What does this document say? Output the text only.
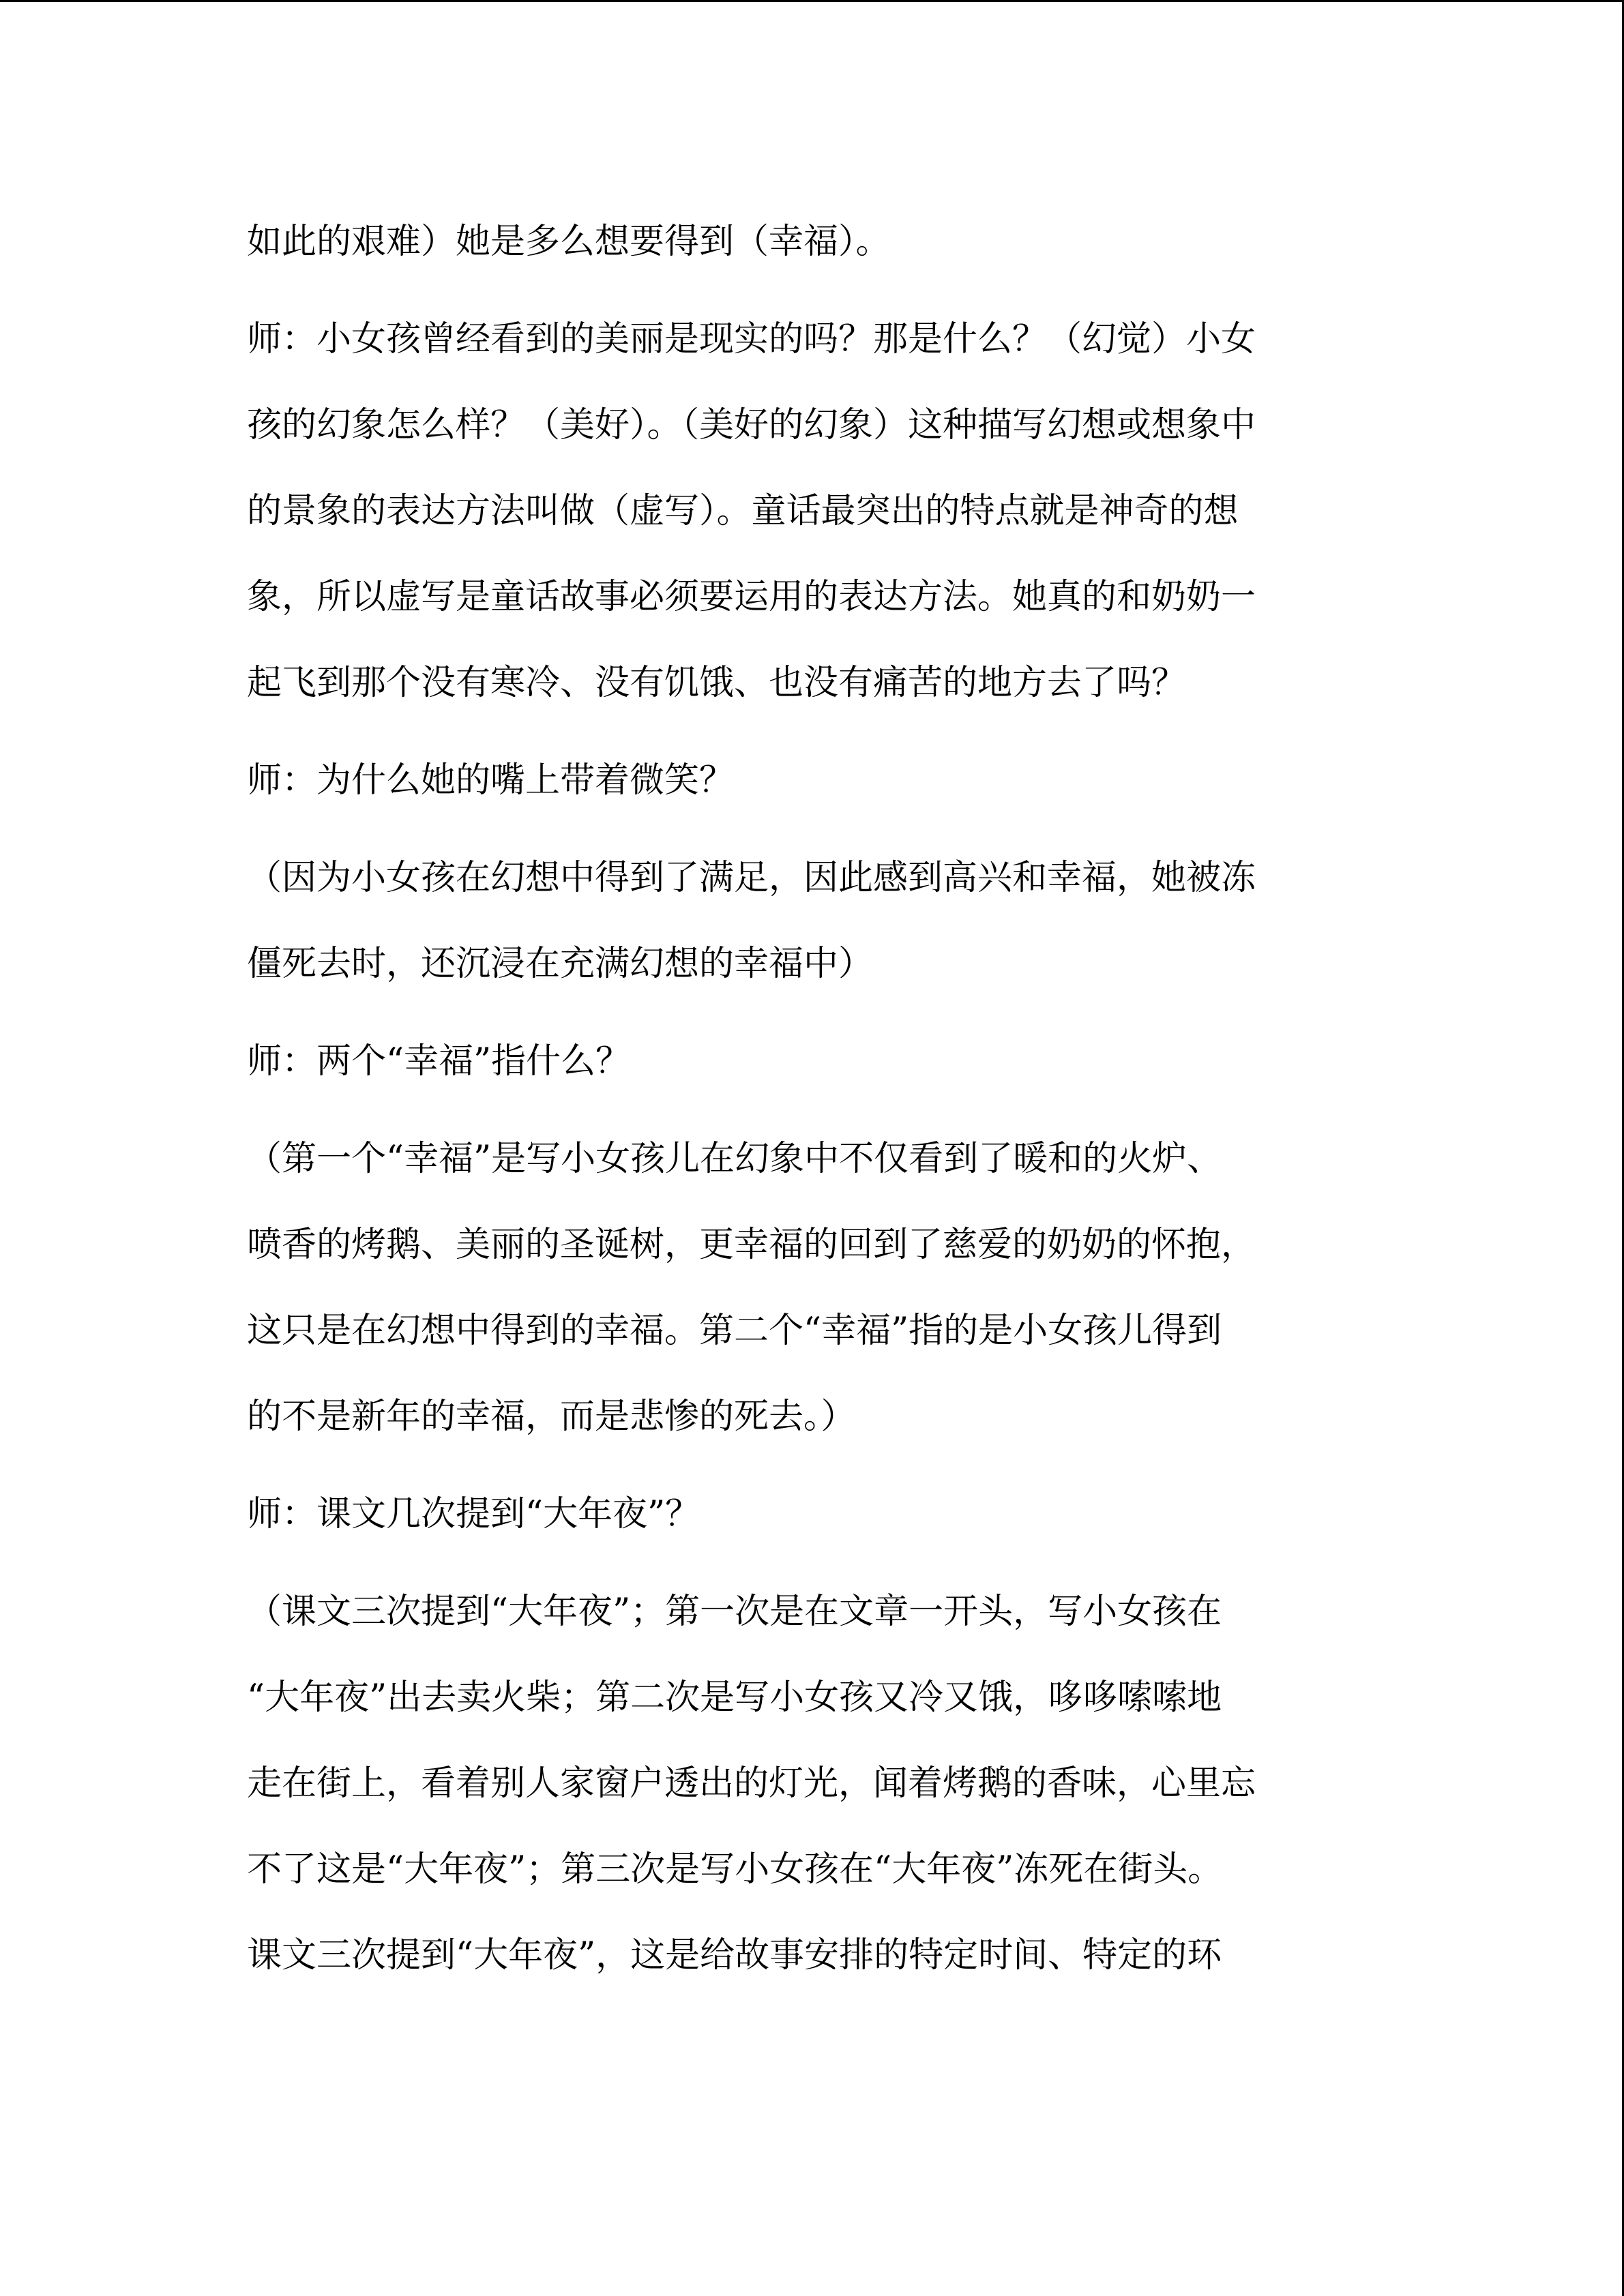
如此的艰难）她是多么想要得到（幸福）。

师：小女孩曾经看到的美丽是现实的吗？那是什么？（幻觉）小女
孩的幻象怎么样？（美好）。（美好的幻象）这种描写幻想或想象中
的景象的表达方法叫做（虚写）。童话最突出的特点就是神奇的想
象，所以虚写是童话故事必须要运用的表达方法。她真的和奶奶一
起飞到那个没有寒冷、没有饥饿、也没有痛苦的地方去了吗？

师：为什么她的嘴上带着微笑？

（因为小女孩在幻想中得到了满足，因此感到高兴和幸福，她被冻
僵死去时，还沉浸在充满幻想的幸福中）

师：两个“幸福”指什么？

（第一个“幸福”是写小女孩儿在幻象中不仅看到了暖和的火炉、
喷香的烤鹅、美丽的圣诞树，更幸福的回到了慈爱的奶奶的怀抱，
这只是在幻想中得到的幸福。第二个“幸福”指的是小女孩儿得到
的不是新年的幸福，而是悲惨的死去。）

师：课文几次提到“大年夜”？

（课文三次提到“大年夜”；第一次是在文章一开头，写小女孩在
“大年夜”出去卖火柴；第二次是写小女孩又冷又饿，哆哆嗦嗦地
走在街上，看着别人家窗户透出的灯光，闻着烤鹅的香味，心里忘
不了这是“大年夜”；第三次是写小女孩在“大年夜”冻死在街头。
课文三次提到“大年夜”，这是给故事安排的特定时间、特定的环
